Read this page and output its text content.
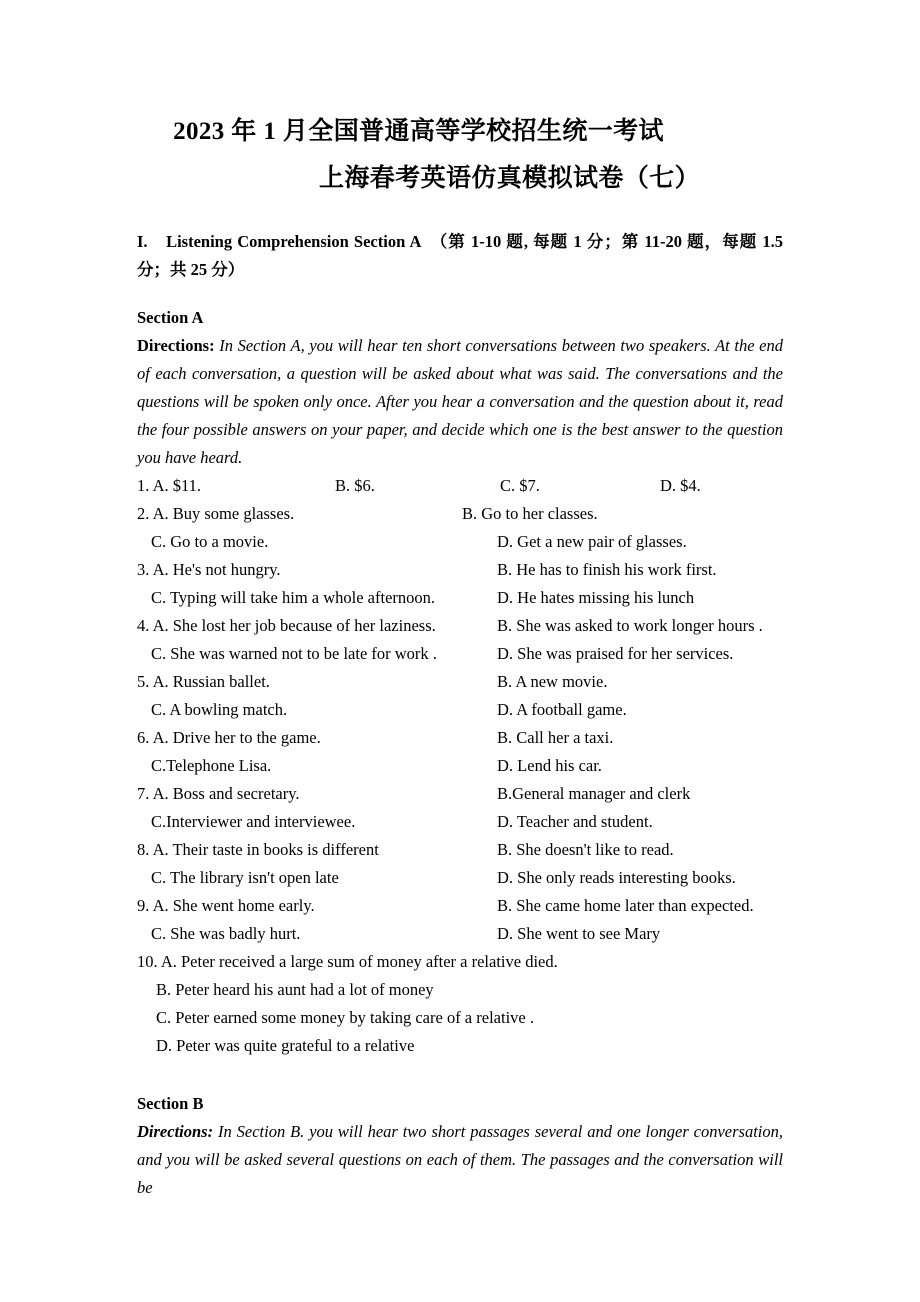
2023 年 1 月全国普通高等学校招生统一考试
上海春考英语仿真模拟试卷（七）
I.　Listening Comprehension Section A　（第 1-10 题, 每题 1 分；第 11-20 题，每题 1.5 分；共 25 分）
Section A

Directions: In Section A, you will hear ten short conversations between two speakers. At the end of each conversation, a question will be asked about what was said. The conversations and the questions will be spoken only once. After you hear a conversation and the question about it, read the four possible answers on your paper, and decide which one is the best answer to the question you have heard.

1. A. $11.	B. $6.	C. $7.	D. $4.
2. A. Buy some glasses.	B. Go to her classes.
C. Go to a movie.	D. Get a new pair of glasses.
3. A. He's not hungry.	B. He has to finish his work first.
C. Typing will take him a whole afternoon.	D. He hates missing his lunch
4. A. She lost her job because of her laziness.	B. She was asked to work longer hours .
C. She was warned not to be late for work .	D. She was praised for her services.
5. A. Russian ballet.	B. A new movie.
C. A bowling match.	D. A football game.
6. A. Drive her to the game.	B. Call her a taxi.
C.Telephone Lisa.	D. Lend his car.
7. A. Boss and secretary.	B.General manager and clerk
C.Interviewer and interviewee.	D. Teacher and student.
8. A. Their taste in books is different	B. She doesn't like to read.
C. The library isn't open late	D. She only reads interesting books.
9. A. She went home early.	B. She came home later than expected.
C. She was badly hurt.	D. She went to see Mary
10. A. Peter received a large sum of money after a relative died.
B. Peter heard his aunt had a lot of money
C. Peter earned some money by taking care of a relative .
D. Peter was quite grateful to a relative
Section B

Directions: In Section B. you will hear two short passages several and one longer conversation, and you will be asked several questions on each of them. The passages and the conversation will be
